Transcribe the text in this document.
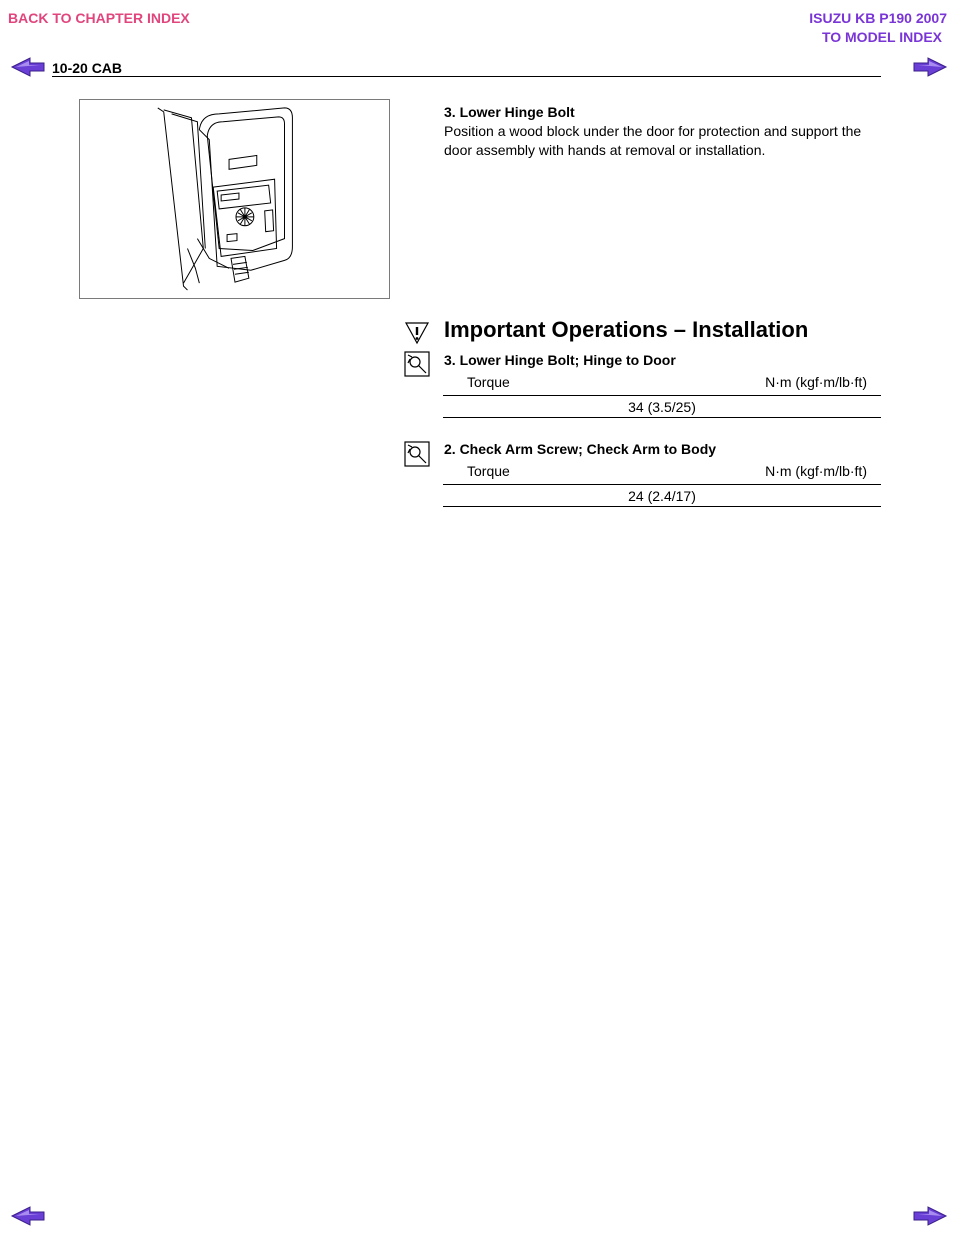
BACK TO CHAPTER INDEX	ISUZU KB P190 2007
TO MODEL INDEX
10-20 CAB
3. Lower Hinge Bolt
Position a wood block under the door for protection and support the door assembly with hands at removal or installation.
Important Operations – Installation
3. Lower Hinge Bolt; Hinge to Door
Torque	N·m (kgf·m/lb·ft)
34 (3.5/25)
2. Check Arm Screw; Check Arm to Body
Torque	N·m (kgf·m/lb·ft)
24 (2.4/17)
